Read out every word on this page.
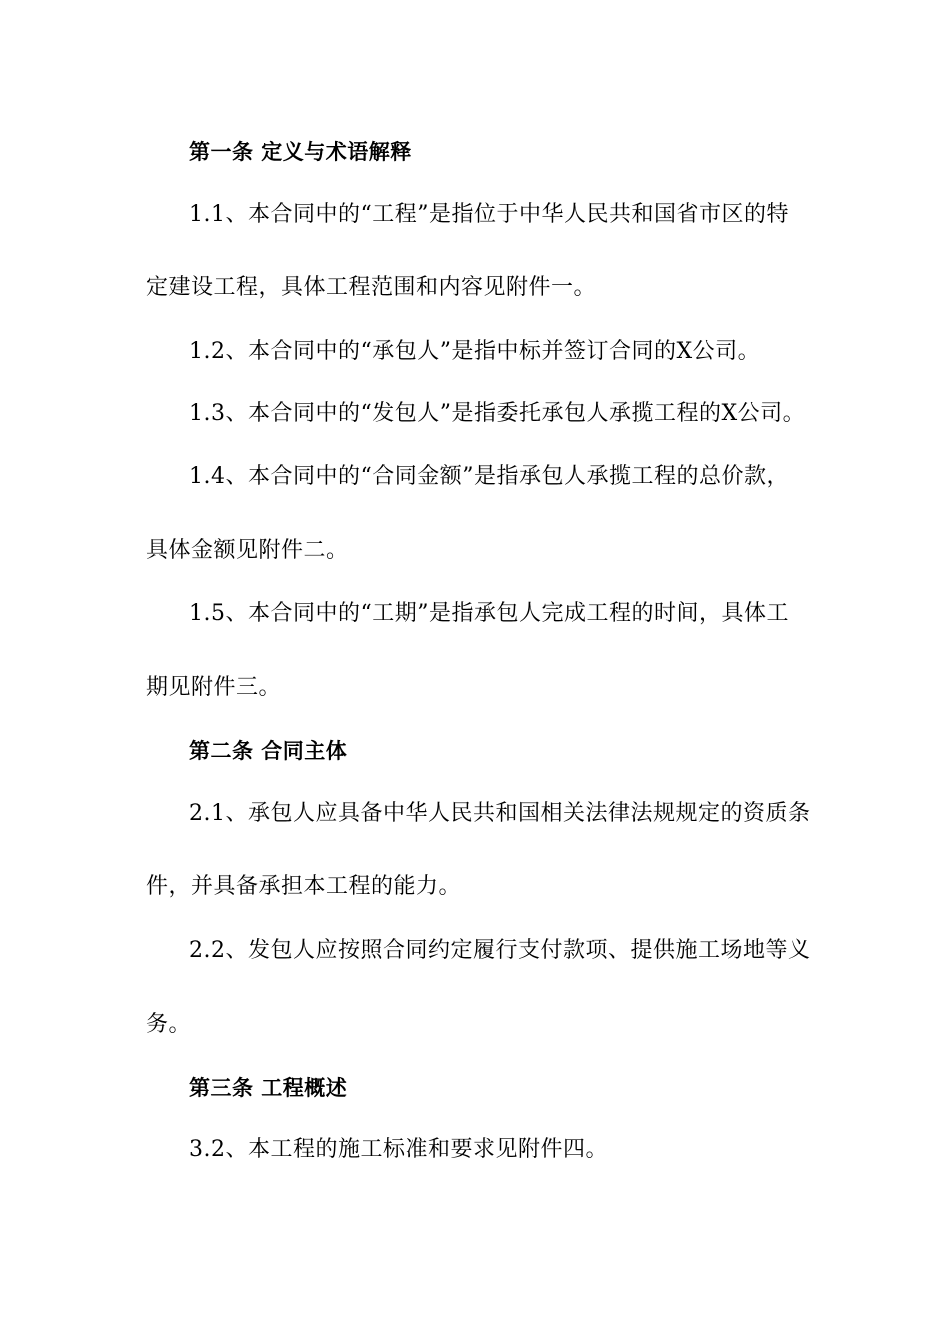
第一条 定义与术语解释
1.1、本合同中的“工程”是指位于中华人民共和国省市区的特
定建设工程，具体工程范围和内容见附件一。
1.2、本合同中的“承包人”是指中标并签订合同的X公司。
1.3、本合同中的“发包人”是指委托承包人承揽工程的X公司。
1.4、本合同中的“合同金额”是指承包人承揽工程的总价款，
具体金额见附件二。
1.5、本合同中的“工期”是指承包人完成工程的时间，具体工
期见附件三。
第二条 合同主体
2.1、承包人应具备中华人民共和国相关法律法规规定的资质条
件，并具备承担本工程的能力。
2.2、发包人应按照合同约定履行支付款项、提供施工场地等义
务。
第三条 工程概述
3.2、本工程的施工标准和要求见附件四。
